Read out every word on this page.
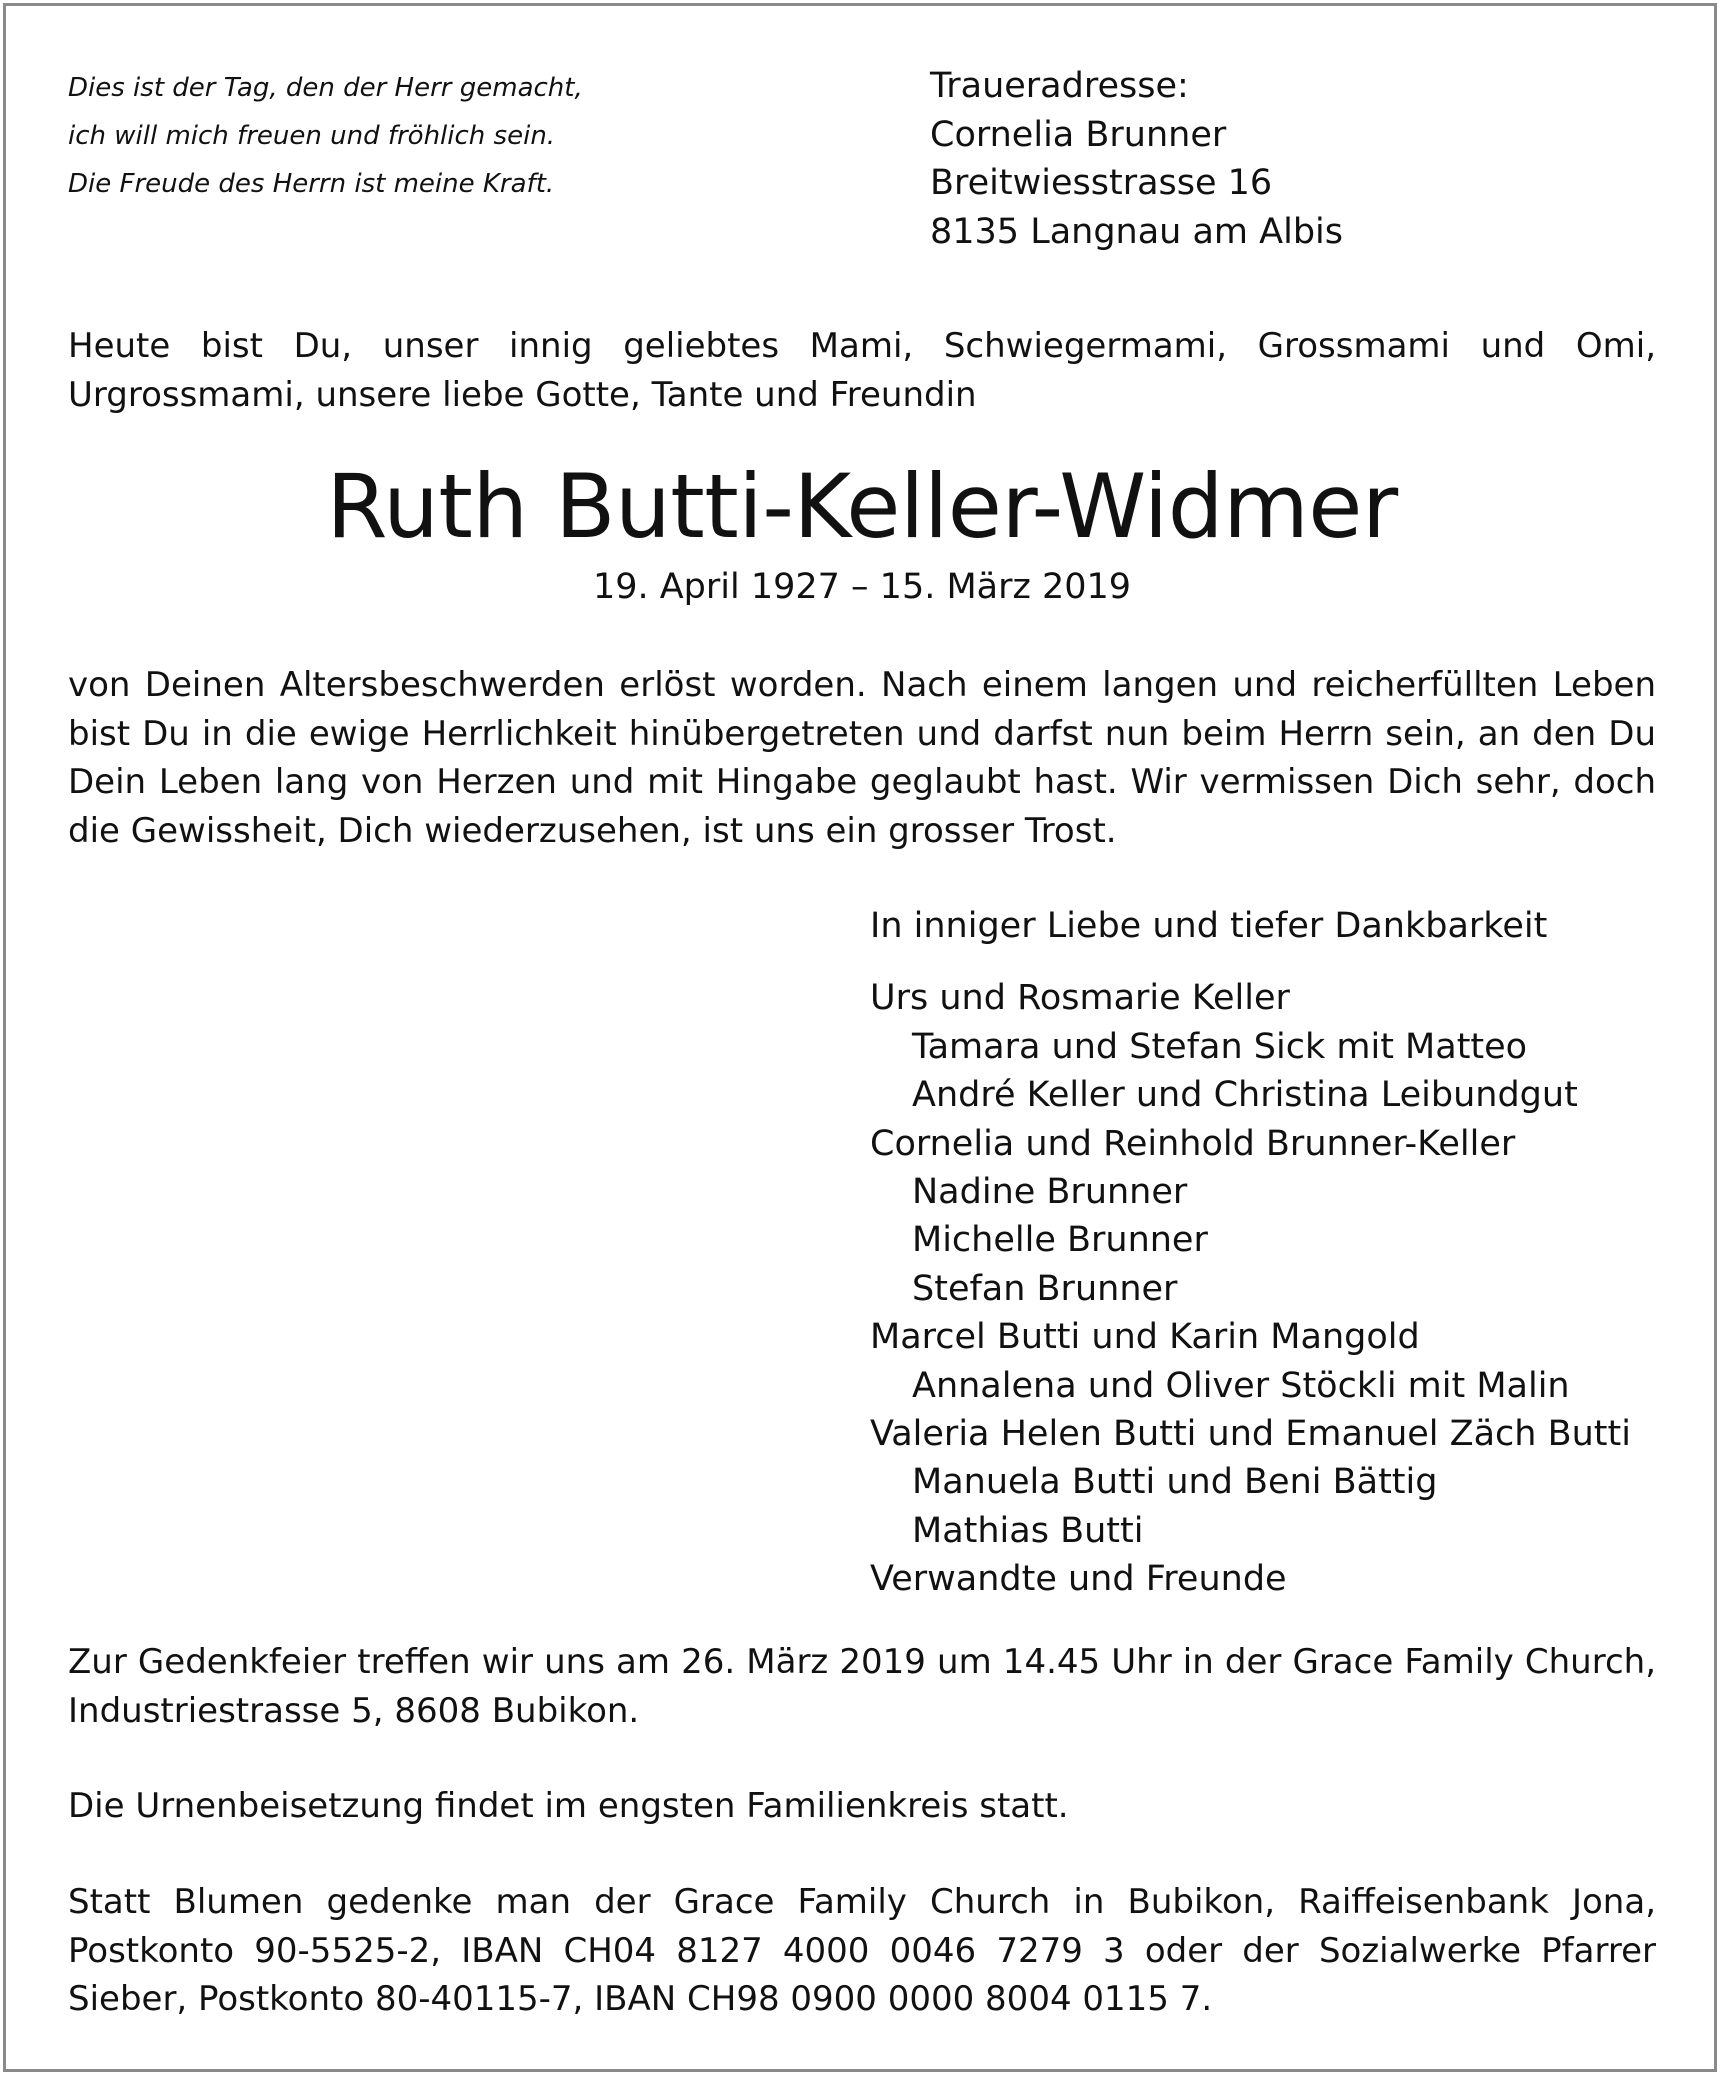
Dies ist der Tag, den der Herr gemacht,
ich will mich freuen und fröhlich sein.
Die Freude des Herrn ist meine Kraft.
Traueradresse:
Cornelia Brunner
Breitwiesstrasse 16
8135 Langnau am Albis
Heute bist Du, unser innig geliebtes Mami, Schwiegermami, Grossmami und Omi, Urgrossmami, unsere liebe Gotte, Tante und Freundin
Ruth Butti-Keller-Widmer
19. April 1927 – 15. März 2019
von Deinen Altersbeschwerden erlöst worden. Nach einem langen und reicherfüllten Leben bist Du in die ewige Herrlichkeit hinübergetreten und darfst nun beim Herrn sein, an den Du Dein Leben lang von Herzen und mit Hingabe geglaubt hast. Wir vermissen Dich sehr, doch die Gewissheit, Dich wiederzusehen, ist uns ein grosser Trost.
In inniger Liebe und tiefer Dankbarkeit
Urs und Rosmarie Keller
Tamara und Stefan Sick mit Matteo
André Keller und Christina Leibundgut
Cornelia und Reinhold Brunner-Keller
Nadine Brunner
Michelle Brunner
Stefan Brunner
Marcel Butti und Karin Mangold
Annalena und Oliver Stöckli mit Malin
Valeria Helen Butti und Emanuel Zäch Butti
Manuela Butti und Beni Bättig
Mathias Butti
Verwandte und Freunde
Zur Gedenkfeier treffen wir uns am 26. März 2019 um 14.45 Uhr in der Grace Family Church, Industriestrasse 5, 8608 Bubikon.
Die Urnenbeisetzung findet im engsten Familienkreis statt.
Statt Blumen gedenke man der Grace Family Church in Bubikon, Raiffeisenbank Jona, Postkonto 90-5525-2, IBAN CH04 8127 4000 0046 7279 3 oder der Sozialwerke Pfarrer Sieber, Postkonto 80-40115-7, IBAN CH98 0900 0000 8004 0115 7.
